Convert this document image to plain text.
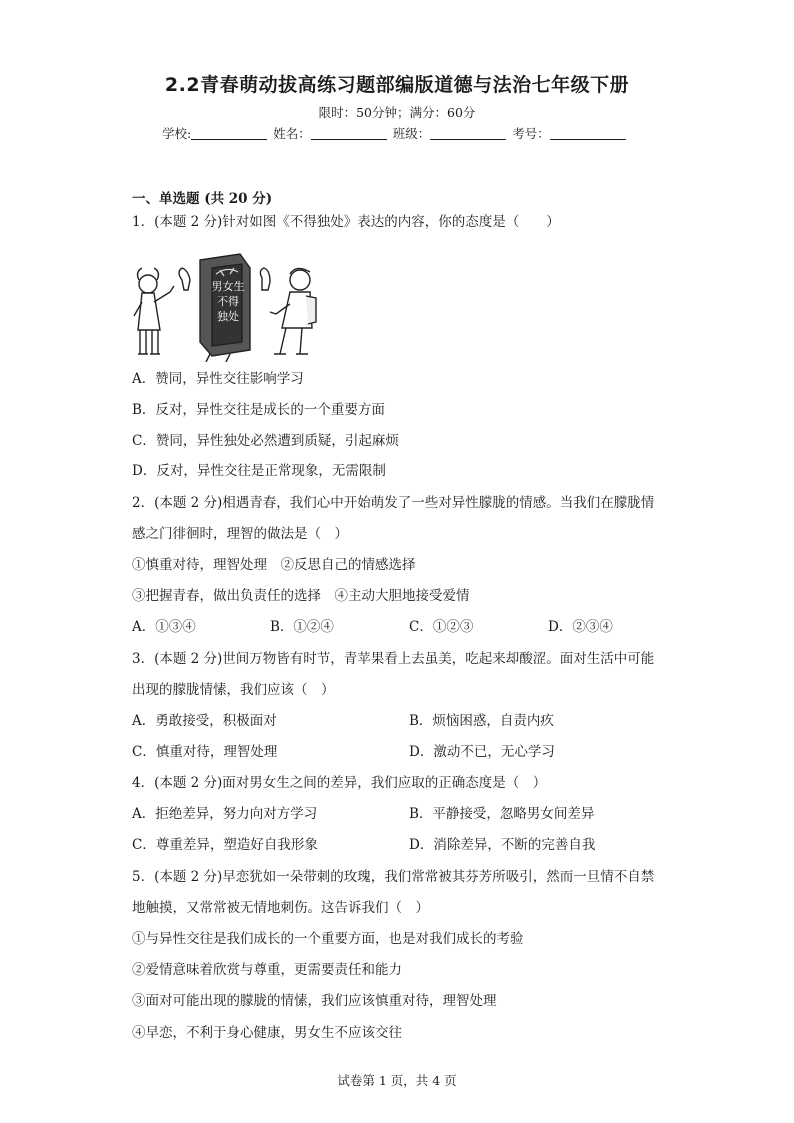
2.2青春萌动拔高练习题部编版道德与法治七年级下册
限时：50分钟；满分：60分
学校:	姓名：	班级：	考号：
一、单选题 (共 20 分)
1．(本题 2 分)针对如图《不得独处》表达的内容，你的态度是（　　）
男女生
不得
独处
A．赞同，异性交往影响学习
B．反对，异性交往是成长的一个重要方面
C．赞同，异性独处必然遭到质疑，引起麻烦
D．反对，异性交往是正常现象，无需限制
2．(本题 2 分)相遇青春，我们心中开始萌发了一些对异性朦胧的情感。当我们在朦胧情
感之门徘徊时，理智的做法是（　）
①慎重对待，理智处理　②反思自己的情感选择
③把握青春，做出负责任的选择　④主动大胆地接受爱情
A．①③④	B．①②④	C．①②③	D．②③④
3．(本题 2 分)世间万物皆有时节，青苹果看上去虽美，吃起来却酸涩。面对生活中可能
出现的朦胧情愫，我们应该（　）
A．勇敢接受，积极面对	B．烦恼困惑，自责内疚
C．慎重对待，理智处理	D．激动不已，无心学习
4．(本题 2 分)面对男女生之间的差异，我们应取的正确态度是（　）
A．拒绝差异，努力向对方学习	B．平静接受，忽略男女间差异
C．尊重差异，塑造好自我形象	D．消除差异，不断的完善自我
5．(本题 2 分)早恋犹如一朵带刺的玫瑰，我们常常被其芬芳所吸引，然而一旦情不自禁
地触摸，又常常被无情地刺伤。这告诉我们（　）
①与异性交往是我们成长的一个重要方面，也是对我们成长的考验
②爱情意味着欣赏与尊重，更需要责任和能力
③面对可能出现的朦胧的情愫，我们应该慎重对待，理智处理
④早恋，不利于身心健康，男女生不应该交往
试卷第 1 页，共 4 页
